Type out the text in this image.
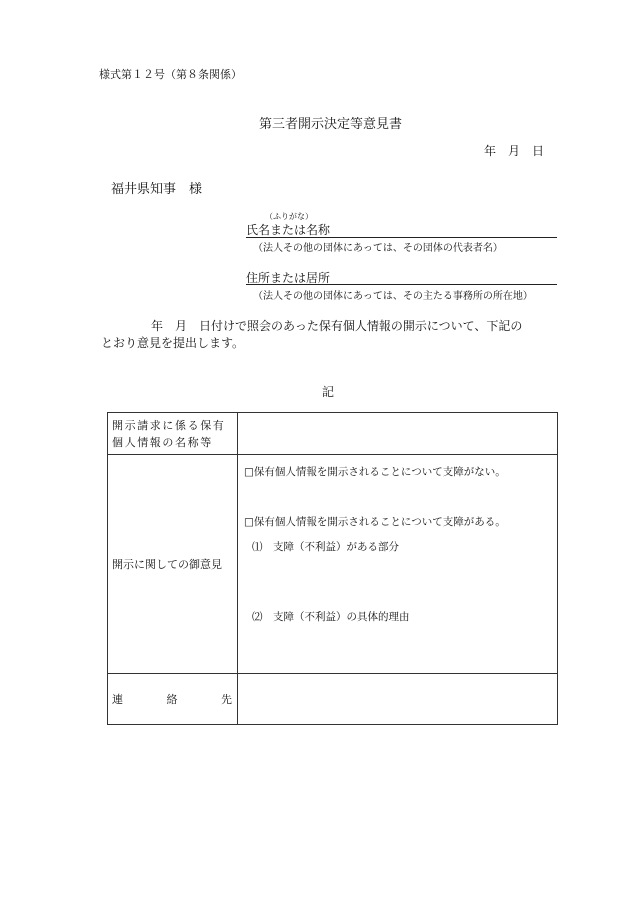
様式第１２号（第８条関係）
第三者開示決定等意見書
年　月　日
福井県知事　様
（ふりがな）
氏名または名称
（法人その他の団体にあっては、その団体の代表者名）
住所または居所
（法人その他の団体にあっては、その主たる事務所の所在地）
年　月　日付けで照会のあった保有個人情報の開示について、下記の
とおり意見を提出します。
記
開示請求に係る保有
個人情報の名称等	

開示に関しての御意見	□保有個人情報を開示されることについて支障がない。
□保有個人情報を開示されることについて支障がある。
⑴　支障（不利益）がある部分
⑵　支障（不利益）の具体的理由

連 絡 先	
